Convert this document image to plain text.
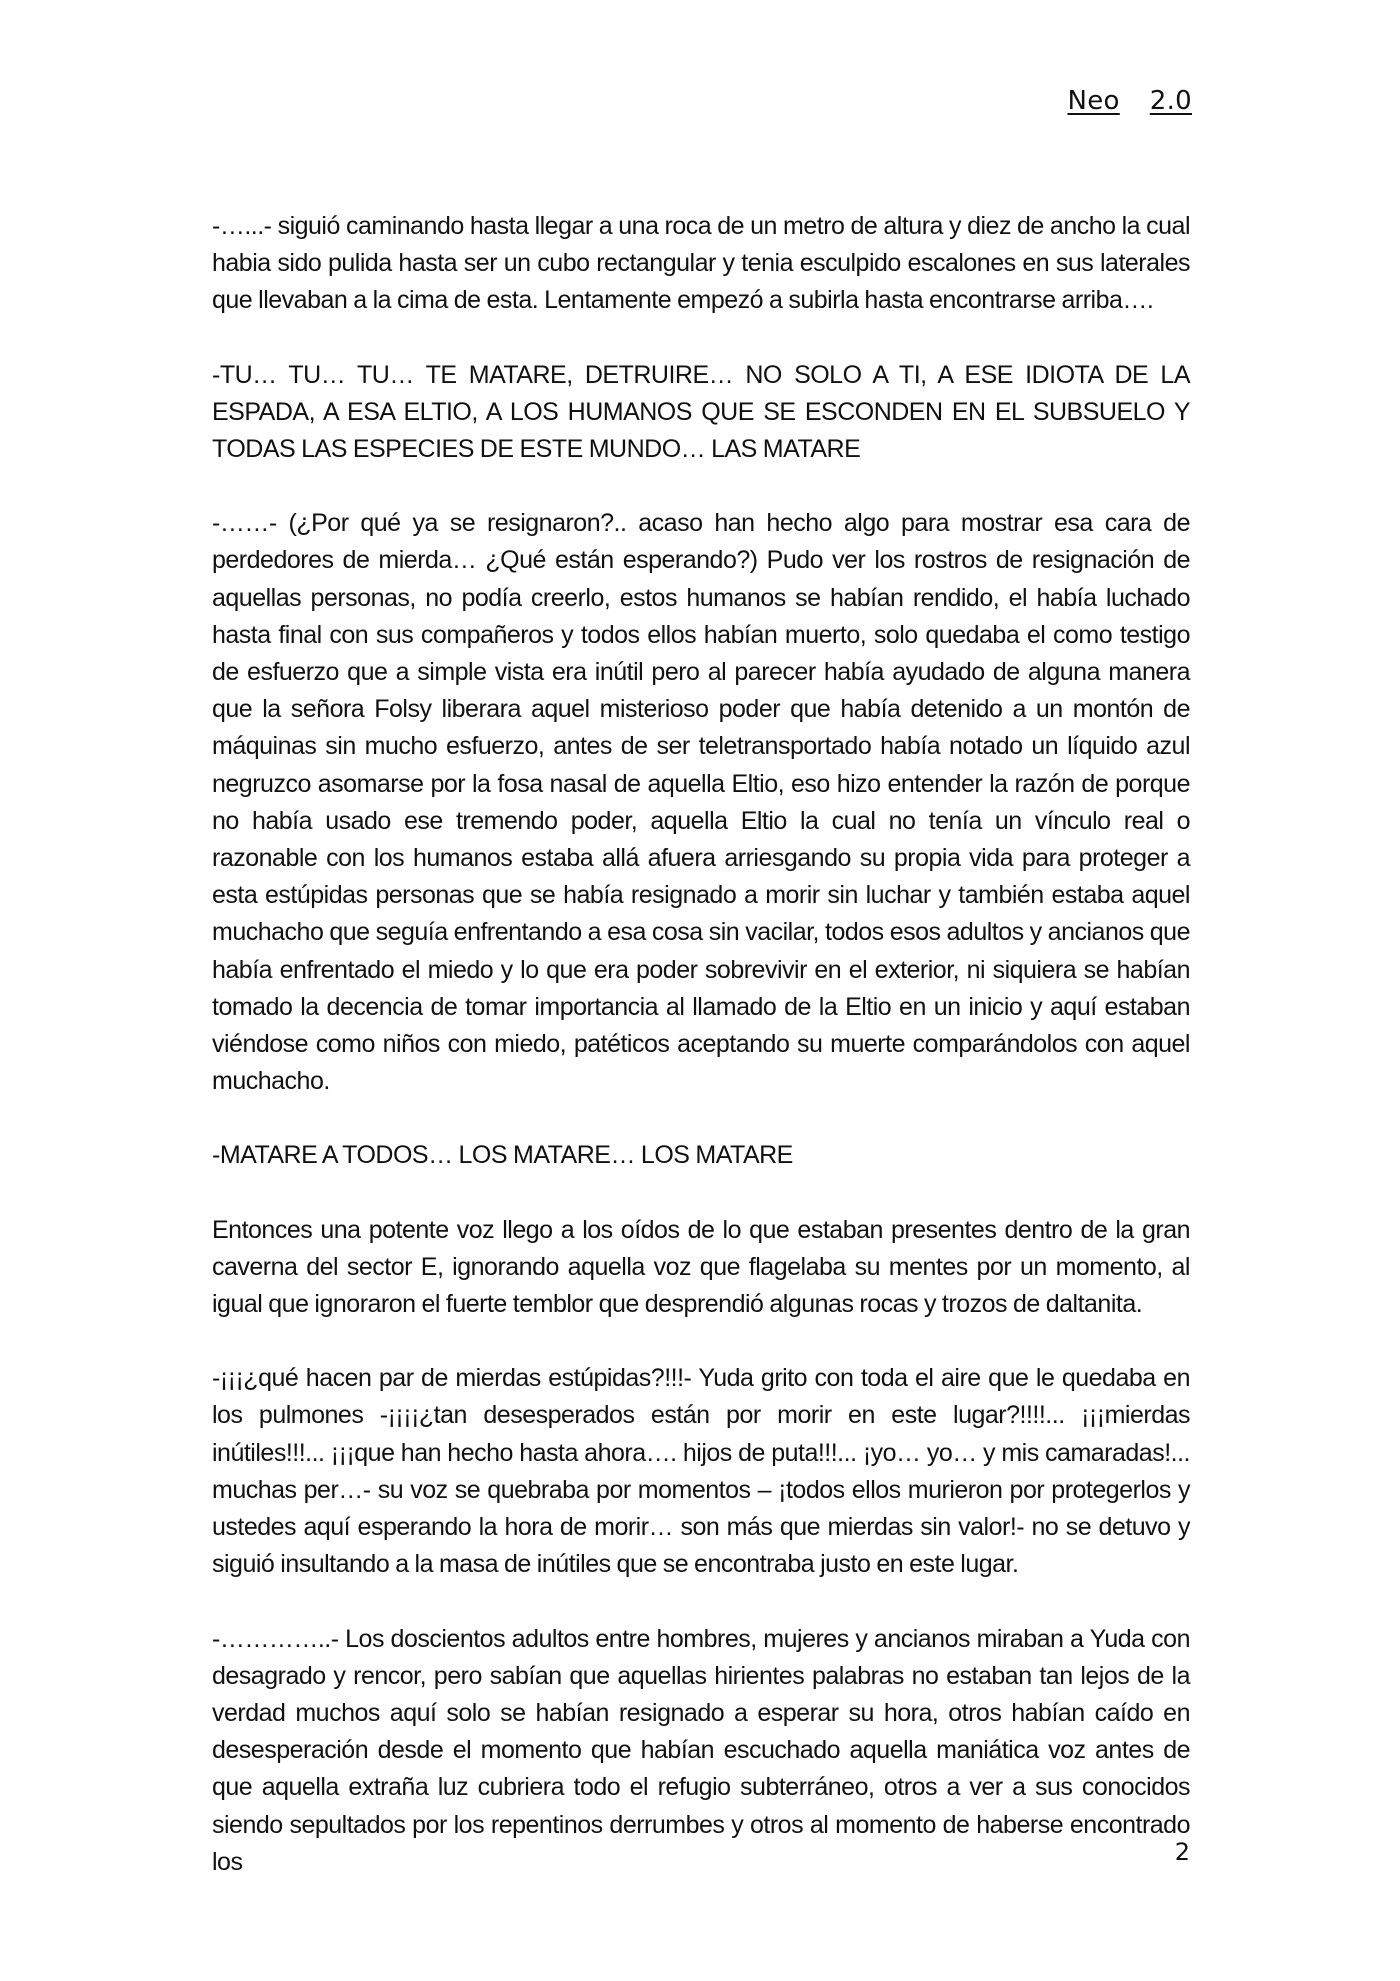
Neo 2.0

-…...- siguió caminando hasta llegar a una roca de un metro de altura y diez de ancho la cual habia sido pulida hasta ser un cubo rectangular y tenia esculpido escalones en sus laterales que llevaban a la cima de esta. Lentamente empezó a subirla hasta encontrarse arriba….

-TU… TU… TU… TE MATARE, DETRUIRE… NO SOLO A TI, A ESE IDIOTA DE LA ESPADA, A ESA ELTIO, A LOS HUMANOS QUE SE ESCONDEN EN EL SUBSUELO Y TODAS LAS ESPECIES DE ESTE MUNDO… LAS MATARE

-……- (¿Por qué ya se resignaron?.. acaso han hecho algo para mostrar esa cara de perdedores de mierda… ¿Qué están esperando?) Pudo ver los rostros de resignación de aquellas personas, no podía creerlo, estos humanos se habían rendido, el había luchado hasta final con sus compañeros y todos ellos habían muerto, solo quedaba el como testigo de esfuerzo que a simple vista era inútil pero al parecer había ayudado de alguna manera que la señora Folsy liberara aquel misterioso poder que había detenido a un montón de máquinas sin mucho esfuerzo, antes de ser teletransportado había notado un líquido azul negruzco asomarse por la fosa nasal de aquella Eltio, eso hizo entender la razón de porque no había usado ese tremendo poder, aquella Eltio la cual no tenía un vínculo real o razonable con los humanos estaba allá afuera arriesgando su propia vida para proteger a esta estúpidas personas que se había resignado a morir sin luchar y también estaba aquel muchacho que seguía enfrentando a esa cosa sin vacilar, todos esos adultos y ancianos que había enfrentado el miedo y lo que era poder sobrevivir en el exterior, ni siquiera se habían tomado la decencia de tomar importancia al llamado de la Eltio en un inicio y aquí estaban viéndose como niños con miedo, patéticos aceptando su muerte comparándolos con aquel muchacho.

-MATARE A TODOS… LOS MATARE… LOS MATARE

Entonces una potente voz llego a los oídos de lo que estaban presentes dentro de la gran caverna del sector E, ignorando aquella voz que flagelaba su mentes por un momento, al igual que ignoraron el fuerte temblor que desprendió algunas rocas y trozos de daltanita.

-¡¡¡¿qué hacen par de mierdas estúpidas?!!!- Yuda grito con toda el aire que le quedaba en los pulmones -¡¡¡¡¿tan desesperados están por morir en este lugar?!!!!... ¡¡¡mierdas inútiles!!!... ¡¡¡que han hecho hasta ahora…. hijos de puta!!!... ¡yo… yo… y mis camaradas!... muchas per…- su voz se quebraba por momentos – ¡todos ellos murieron por protegerlos y ustedes aquí esperando la hora de morir… son más que mierdas sin valor!- no se detuvo y siguió insultando a la masa de inútiles que se encontraba justo en este lugar.

-…………..- Los doscientos adultos entre hombres, mujeres y ancianos miraban a Yuda con desagrado y rencor, pero sabían que aquellas hirientes palabras no estaban tan lejos de la verdad muchos aquí solo se habían resignado a esperar su hora, otros habían caído en desesperación desde el momento que habían escuchado aquella maniática voz antes de que aquella extraña luz cubriera todo el refugio subterráneo, otros a ver a sus conocidos siendo sepultados por los repentinos derrumbes y otros al momento de haberse encontrado los	2
